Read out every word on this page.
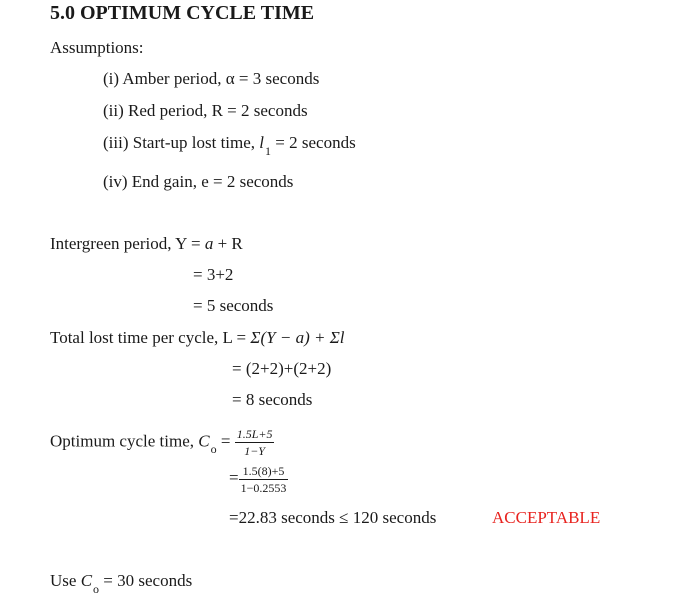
5.0 OPTIMUM CYCLE TIME
Assumptions:
(i) Amber period, α = 3 seconds
(ii) Red period, R = 2 seconds
(iii) Start-up lost time, $l_1 = 2$ seconds
(iv) End gain, e = 2 seconds
Intergreen period, Y = a + R
= 3+2
= 5 seconds
Total lost time per cycle, L = Σ(Y − a) + Σl
= (2+2)+(2+2)
= 8 seconds
Optimum cycle time, $C_o = \frac{1.5L+5}{1-Y}$
= $\frac{1.5(8)+5}{1-0.2553}$
=22.83 seconds ≤ 120 seconds	ACCEPTABLE
Use $C_o = 30$ seconds
